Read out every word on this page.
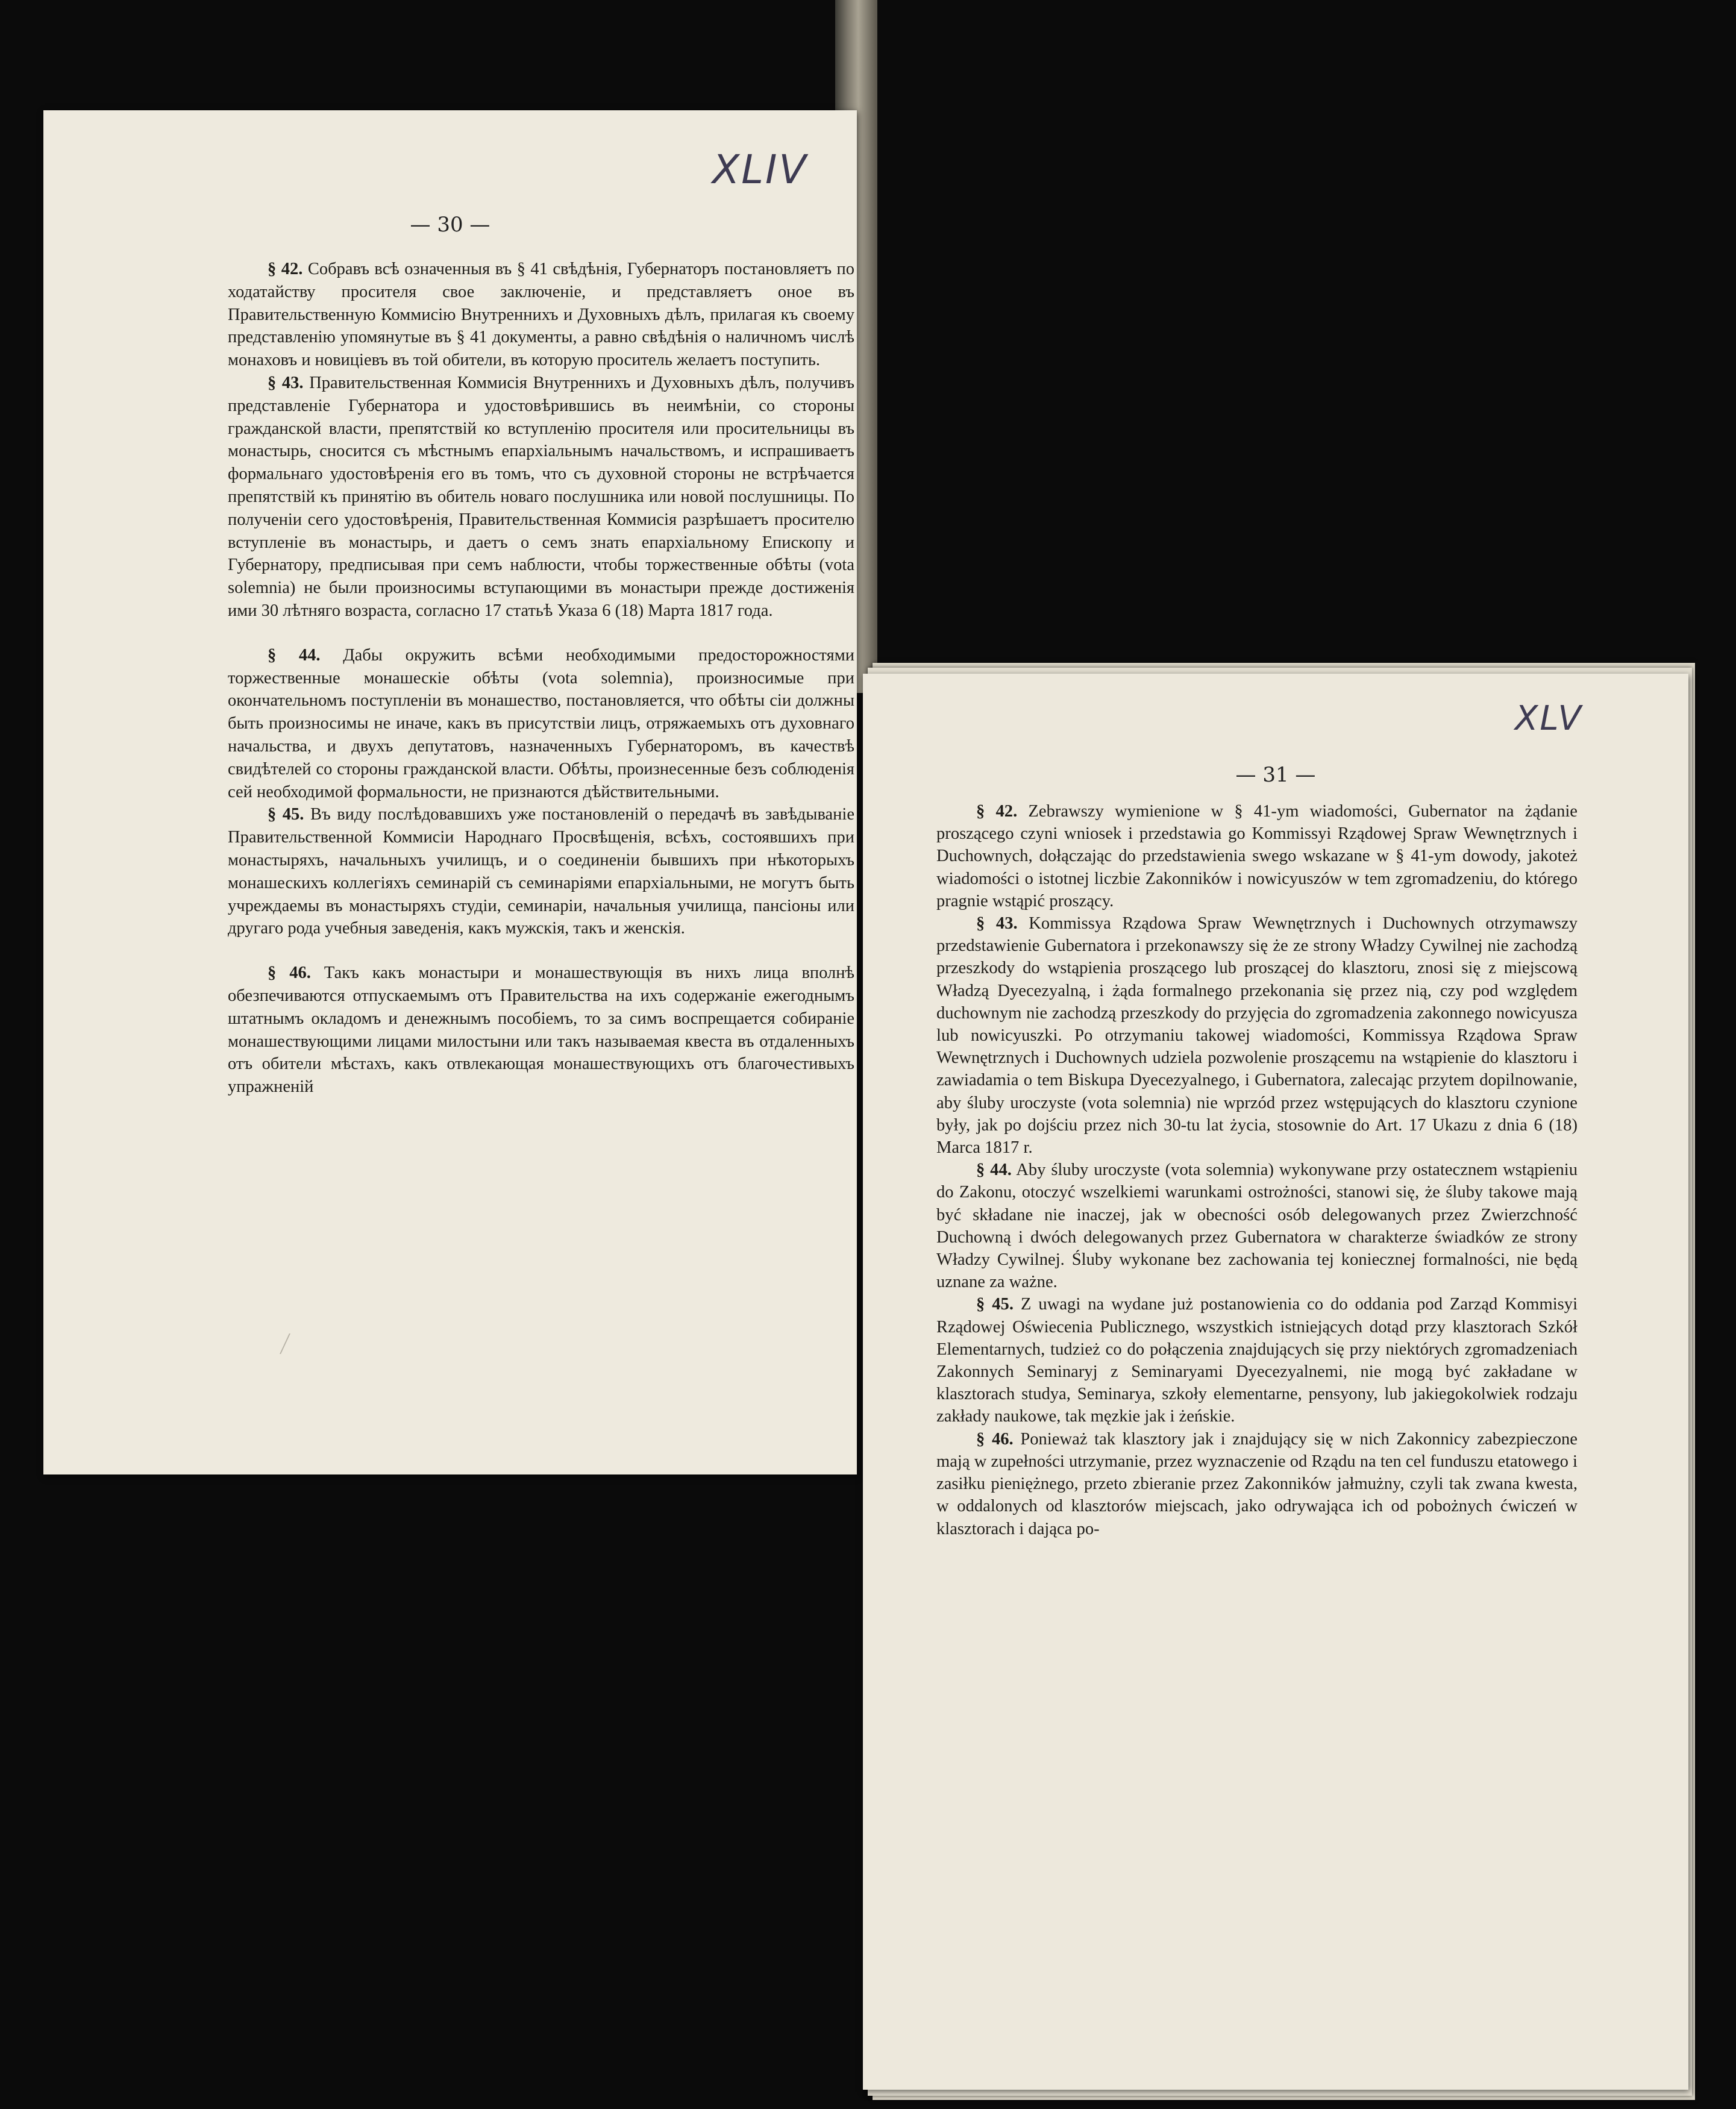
XLIV
— 30 —

§ 42. Собравъ всѣ означенныя въ § 41 свѣдѣнія, Губернаторъ постановляетъ по ходатайству просителя свое заключеніе, и представляетъ оное въ Правительственную Коммисію Внутреннихъ и Духовныхъ дѣлъ, прилагая къ своему представленію упомянутые въ § 41 документы, а равно свѣдѣнія о наличномъ числѣ монаховъ и новиціевъ въ той обители, въ которую проситель желаетъ поступить.

§ 43. Правительственная Коммисія Внутреннихъ и Духовныхъ дѣлъ, получивъ представленіе Губернатора и удостовѣрившись въ неимѣніи, со стороны гражданской власти, препятствій ко вступленію просителя или просительницы въ монастырь, сносится съ мѣстнымъ епархіальнымъ начальствомъ, и испрашиваетъ формальнаго удостовѣренія его въ томъ, что съ духовной стороны не встрѣчается препятствій къ принятію въ обитель новаго послушника или новой послушницы. По полученіи сего удостовѣренія, Правительственная Коммисія разрѣшаетъ просителю вступленіе въ монастырь, и даетъ о семъ знать епархіальному Епископу и Губернатору, предписывая при семъ наблюсти, чтобы торжественные обѣты (vota solemnia) не были произносимы вступающими въ монастыри прежде достиженія ими 30 лѣтняго возраста, согласно 17 статьѣ Указа 6 (18) Марта 1817 года.

§ 44. Дабы окружить всѣми необходимыми предосторожностями торжественные монашескіе обѣты (vota solemnia), произносимые при окончательномъ поступленіи въ монашество, постановляется, что обѣты сіи должны быть произносимы не иначе, какъ въ присутствіи лицъ, отряжаемыхъ отъ духовнаго начальства, и двухъ депутатовъ, назначенныхъ Губернаторомъ, въ качествѣ свидѣтелей со стороны гражданской власти. Обѣты, произнесенные безъ соблюденія сей необходимой формальности, не признаются дѣйствительными.

§ 45. Въ виду послѣдовавшихъ уже постановленій о передачѣ въ завѣдываніе Правительственной Коммисіи Народнаго Просвѣщенія, всѣхъ, состоявшихъ при монастыряхъ, начальныхъ училищъ, и о соединеніи бывшихъ при нѣкоторыхъ монашескихъ коллегіяхъ семинарій съ семинаріями епархіальными, не могутъ быть учреждаемы въ монастыряхъ студіи, семинаріи, начальныя училища, пансіоны или другаго рода учебныя заведенія, какъ мужскія, такъ и женскія.

§ 46. Такъ какъ монастыри и монашествующія въ нихъ лица вполнѣ обезпечиваются отпускаемымъ отъ Правительства на ихъ содержаніе ежегоднымъ штатнымъ окладомъ и денежнымъ пособіемъ, то за симъ воспрещается собираніе монашествующими лицами милостыни или такъ называемая квеста въ отдаленныхъ отъ обители мѣстахъ, какъ отвлекающая монашествующихъ отъ благочестивыхъ упражненій

XLV
— 31 —

§ 42. Zebrawszy wymienione w § 41-ym wiadomości, Gubernator na żądanie proszącego czyni wniosek i przedstawia go Kommissyi Rządowej Spraw Wewnętrznych i Duchownych, dołączając do przedstawienia swego wskazane w § 41-ym dowody, jakoteż wiadomości o istotnej liczbie Zakonników i nowicyuszów w tem zgromadzeniu, do którego pragnie wstąpić proszący.

§ 43. Kommissya Rządowa Spraw Wewnętrznych i Duchownych otrzymawszy przedstawienie Gubernatora i przekonawszy się że ze strony Władzy Cywilnej nie zachodzą przeszkody do wstąpienia proszącego lub proszącej do klasztoru, znosi się z miejscową Władzą Dyecezyalną, i żąda formalnego przekonania się przez nią, czy pod względem duchownym nie zachodzą przeszkody do przyjęcia do zgromadzenia zakonnego nowicyusza lub nowicyuszki. Po otrzymaniu takowej wiadomości, Kommissya Rządowa Spraw Wewnętrznych i Duchownych udziela pozwolenie proszącemu na wstąpienie do klasztoru i zawiadamia o tem Biskupa Dyecezyalnego, i Gubernatora, zalecając przytem dopilnowanie, aby śluby uroczyste (vota solemnia) nie wprzód przez wstępujących do klasztoru czynione były, jak po dojściu przez nich 30-tu lat życia, stosownie do Art. 17 Ukazu z dnia 6 (18) Marca 1817 r.

§ 44. Aby śluby uroczyste (vota solemnia) wykonywane przy ostatecznem wstąpieniu do Zakonu, otoczyć wszelkiemi warunkami ostrożności, stanowi się, że śluby takowe mają być składane nie inaczej, jak w obecności osób delegowanych przez Zwierzchność Duchowną i dwóch delegowanych przez Gubernatora w charakterze świadków ze strony Władzy Cywilnej. Śluby wykonane bez zachowania tej koniecznej formalności, nie będą uznane za ważne.

§ 45. Z uwagi na wydane już postanowienia co do oddania pod Zarząd Kommisyi Rządowej Oświecenia Publicznego, wszystkich istniejących dotąd przy klasztorach Szkół Elementarnych, tudzież co do połączenia znajdujących się przy niektórych zgromadzeniach Zakonnych Seminaryj z Seminaryami Dyecezyalnemi, nie mogą być zakładane w klasztorach studya, Seminarya, szkoły elementarne, pensyony, lub jakiegokolwiek rodzaju zakłady naukowe, tak męzkie jak i żeńskie.

§ 46. Ponieważ tak klasztory jak i znajdujący się w nich Zakonnicy zabezpieczone mają w zupełności utrzymanie, przez wyznaczenie od Rządu na ten cel funduszu etatowego i zasiłku pieniężnego, przeto zbieranie przez Zakonników jałmużny, czyli tak zwana kwesta, w oddalonych od klasztorów miejscach, jako odrywająca ich od pobożnych ćwiczeń w klasztorach i dająca po-
